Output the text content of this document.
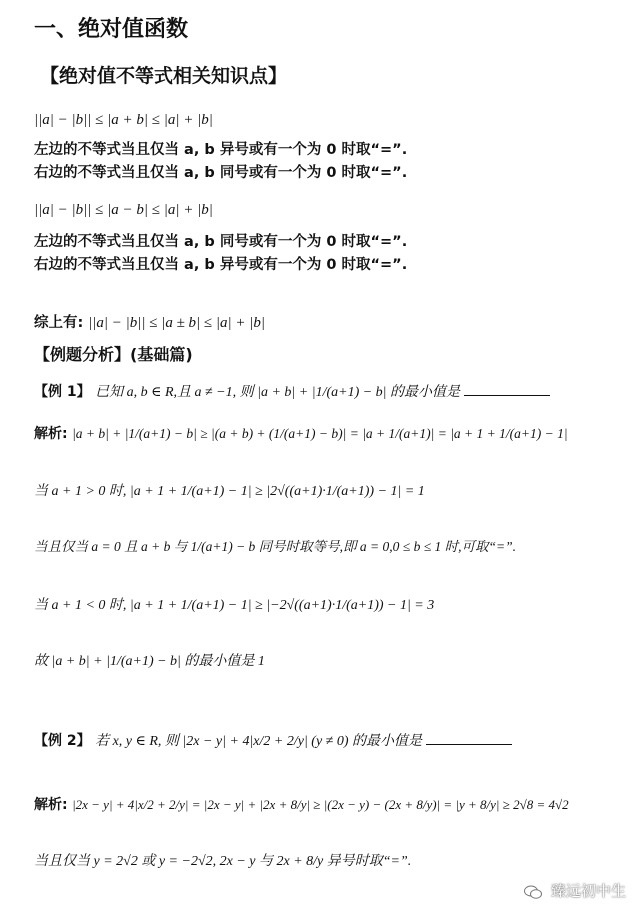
一、绝对值函数
【绝对值不等式相关知识点】
||a| − |b|| ≤ |a + b| ≤ |a| + |b|
左边的不等式当且仅当 a, b 异号或有一个为 0 时取“=”.
右边的不等式当且仅当 a, b 同号或有一个为 0 时取“=”.
||a| − |b|| ≤ |a − b| ≤ |a| + |b|
左边的不等式当且仅当 a, b 同号或有一个为 0 时取“=”.
右边的不等式当且仅当 a, b 异号或有一个为 0 时取“=”.
综上有: ||a| − |b|| ≤ |a ± b| ≤ |a| + |b|
【例题分析】(基础篇)
【例 1】 已知 a, b ∈ R,且 a ≠ −1, 则 |a + b| + |1/(a+1) − b| 的最小值是
解析: |a + b| + |1/(a+1) − b| ≥ |(a + b) + (1/(a+1) − b)| = |a + 1/(a+1)| = |a + 1 + 1/(a+1) − 1|
当 a + 1 > 0 时, |a + 1 + 1/(a+1) − 1| ≥ |2√((a+1)·1/(a+1)) − 1| = 1
当且仅当 a = 0 且 a + b 与 1/(a+1) − b 同号时取等号,即 a = 0,0 ≤ b ≤ 1 时,可取“=”.
当 a + 1 < 0 时, |a + 1 + 1/(a+1) − 1| ≥ |−2√((a+1)·1/(a+1)) − 1| = 3
故 |a + b| + |1/(a+1) − b| 的最小值是 1
【例 2】 若 x, y ∈ R, 则 |2x − y| + 4|x/2 + 2/y| (y ≠ 0) 的最小值是
解析: |2x − y| + 4|x/2 + 2/y| = |2x − y| + |2x + 8/y| ≥ |(2x − y) − (2x + 8/y)| = |y + 8/y| ≥ 2√8 = 4√2
当且仅当 y = 2√2 或 y = −2√2, 2x − y 与 2x + 8/y 异号时取“=”.
臻远初中生
